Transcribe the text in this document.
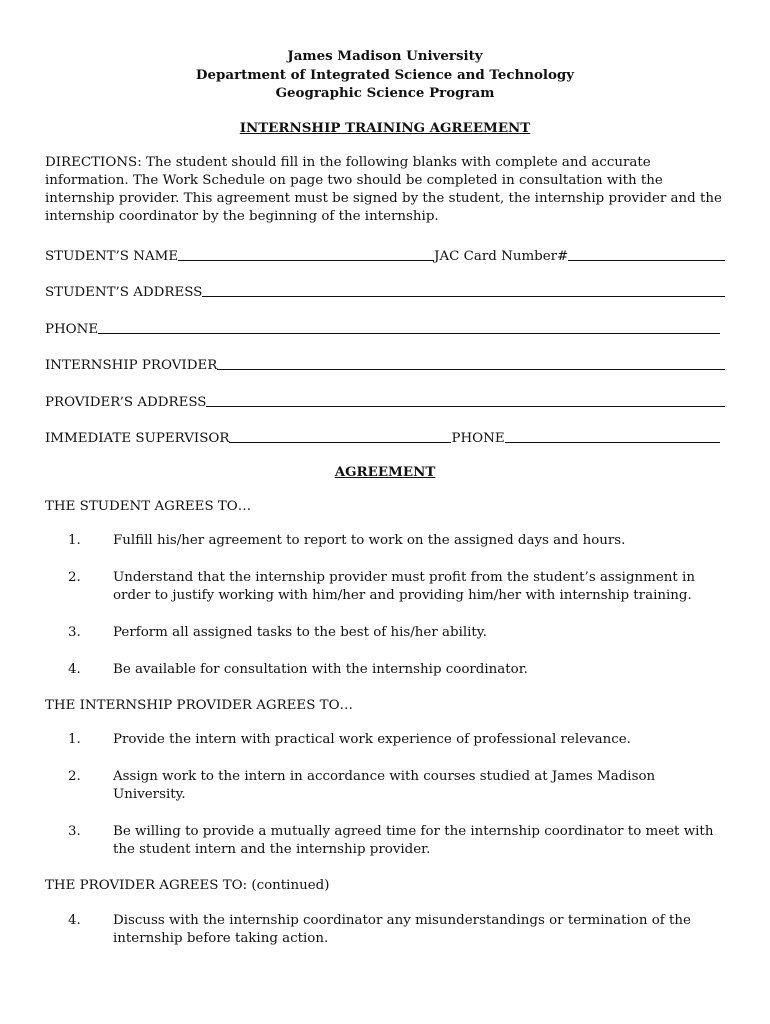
James Madison University
Department of Integrated Science and Technology
Geographic Science Program
INTERNSHIP TRAINING AGREEMENT
DIRECTIONS: The student should fill in the following blanks with complete and accurate information. The Work Schedule on page two should be completed in consultation with the internship provider. This agreement must be signed by the student, the internship provider and the internship coordinator by the beginning of the internship.
STUDENT’S NAME	JAC Card Number#
STUDENT’S ADDRESS
PHONE
INTERNSHIP PROVIDER
PROVIDER’S ADDRESS
IMMEDIATE SUPERVISOR	PHONE
AGREEMENT
THE STUDENT AGREES TO…
1.	Fulfill his/her agreement to report to work on the assigned days and hours.
2.	Understand that the internship provider must profit from the student’s assignment in order to justify working with him/her and providing him/her with internship training.
3.	Perform all assigned tasks to the best of his/her ability.
4.	Be available for consultation with the internship coordinator.
THE INTERNSHIP PROVIDER AGREES TO…
1.	Provide the intern with practical work experience of professional relevance.
2.	Assign work to the intern in accordance with courses studied at James Madison University.
3.	Be willing to provide a mutually agreed time for the internship coordinator to meet with the student intern and the internship provider.
THE PROVIDER AGREES TO: (continued)
4.	Discuss with the internship coordinator any misunderstandings or termination of the internship before taking action.
